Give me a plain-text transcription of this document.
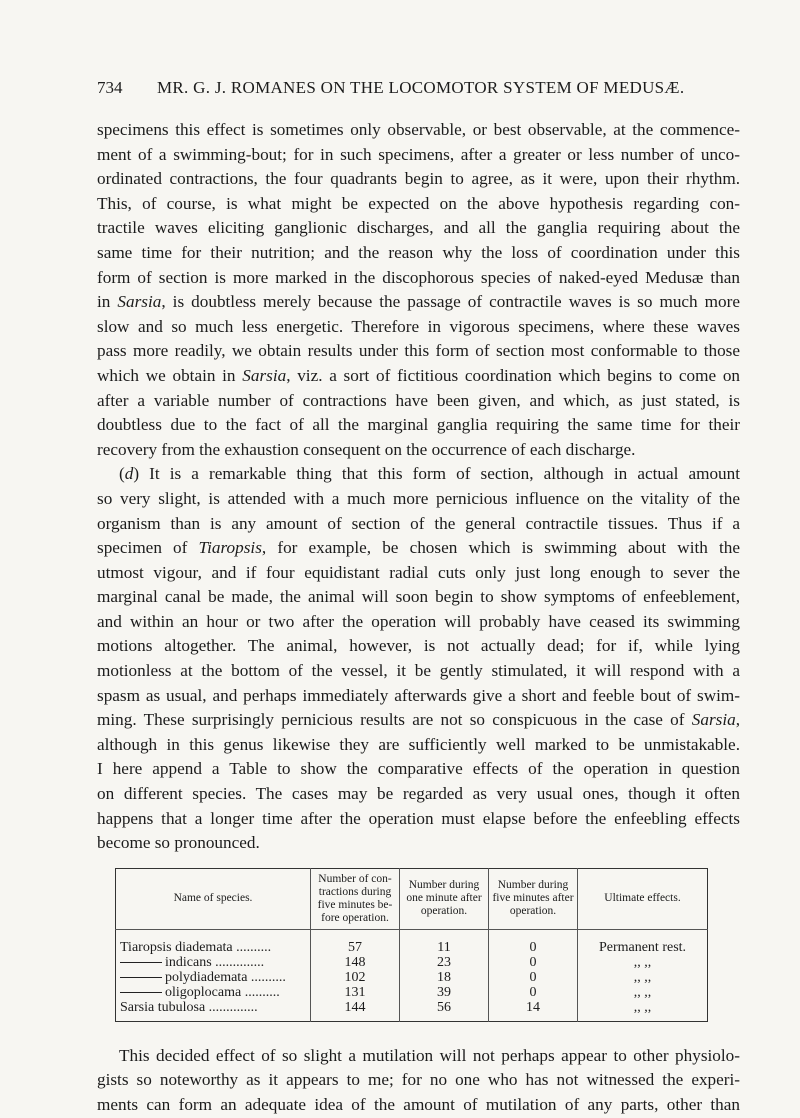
734	MR. G. J. ROMANES ON THE LOCOMOTOR SYSTEM OF MEDUSÆ.
specimens this effect is sometimes only observable, or best observable, at the commence-
ment of a swimming-bout; for in such specimens, after a greater or less number of unco-
ordinated contractions, the four quadrants begin to agree, as it were, upon their rhythm.
This, of course, is what might be expected on the above hypothesis regarding con-
tractile waves eliciting ganglionic discharges, and all the ganglia requiring about the
same time for their nutrition; and the reason why the loss of coordination under this
form of section is more marked in the discophorous species of naked-eyed Medusæ than
in Sarsia, is doubtless merely because the passage of contractile waves is so much more
slow and so much less energetic. Therefore in vigorous specimens, where these waves
pass more readily, we obtain results under this form of section most conformable to those
which we obtain in Sarsia, viz. a sort of fictitious coordination which begins to come on
after a variable number of contractions have been given, and which, as just stated, is
doubtless due to the fact of all the marginal ganglia requiring the same time for their
recovery from the exhaustion consequent on the occurrence of each discharge.
(d) It is a remarkable thing that this form of section, although in actual amount
so very slight, is attended with a much more pernicious influence on the vitality of the
organism than is any amount of section of the general contractile tissues. Thus if a
specimen of Tiaropsis, for example, be chosen which is swimming about with the
utmost vigour, and if four equidistant radial cuts only just long enough to sever the
marginal canal be made, the animal will soon begin to show symptoms of enfeeblement,
and within an hour or two after the operation will probably have ceased its swimming
motions altogether. The animal, however, is not actually dead; for if, while lying
motionless at the bottom of the vessel, it be gently stimulated, it will respond with a
spasm as usual, and perhaps immediately afterwards give a short and feeble bout of swim-
ming. These surprisingly pernicious results are not so conspicuous in the case of Sarsia,
although in this genus likewise they are sufficiently well marked to be unmistakable.
I here append a Table to show the comparative effects of the operation in question
on different species. The cases may be regarded as very usual ones, though it often
happens that a longer time after the operation must elapse before the enfeebling effects
become so pronounced.
Name of species.	Number of con-tractions during five minutes be-fore operation.	Number during one minute after operation.	Number during five minutes after operation.	Ultimate effects.
Tiaropsis diademata ..........	57	11	0	Permanent rest.
indicans ..............	148	23	0	,, ,,
polydiademata ..........	102	18	0	,, ,,
oligoplocama ..........	131	39	0	,, ,,
Sarsia tubulosa ..............	144	56	14	,, ,,
This decided effect of so slight a mutilation will not perhaps appear to other physiolo-
gists so noteworthy as it appears to me; for no one who has not witnessed the experi-
ments can form an adequate idea of the amount of mutilation of any parts, other than
